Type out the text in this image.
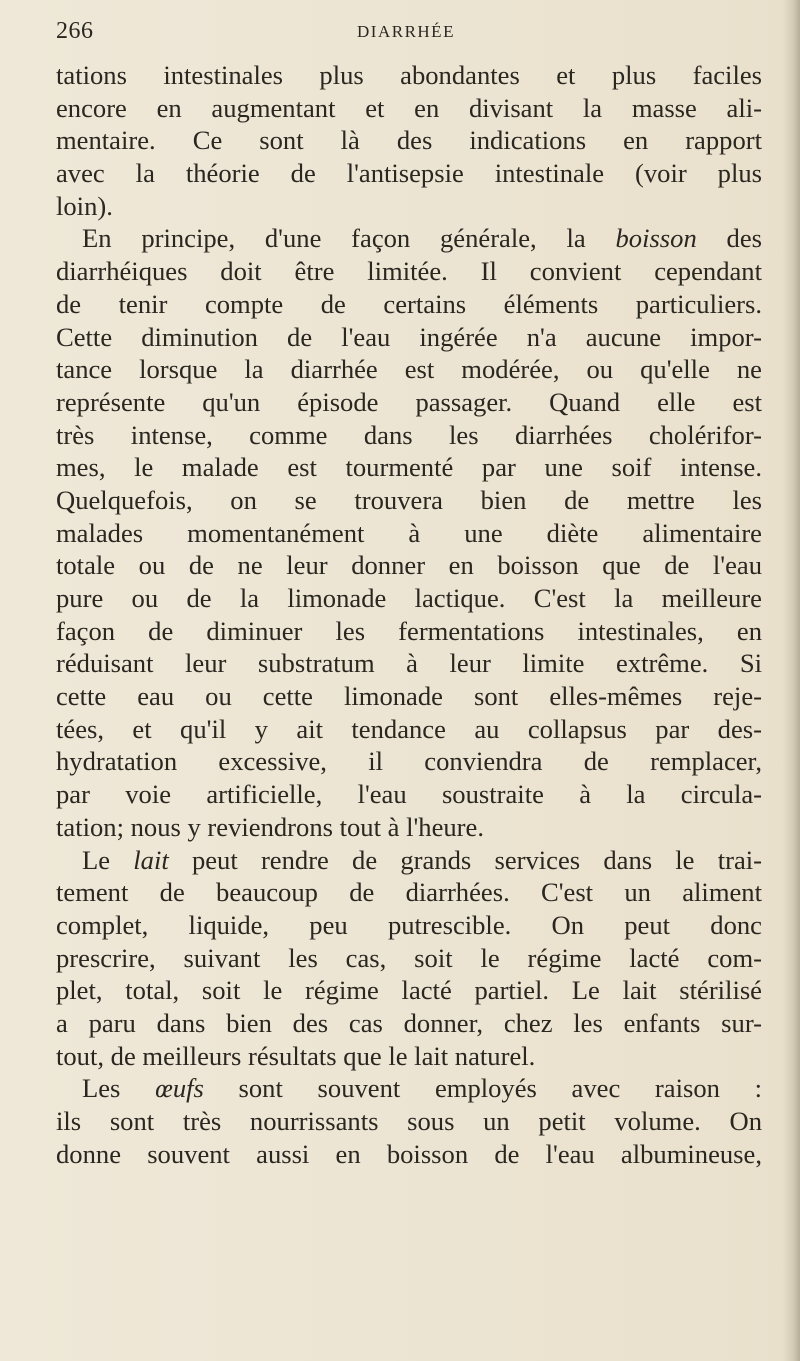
266	DIARRHÉE
tations intestinales plus abondantes et plus faciles
encore en augmentant et en divisant la masse ali-
mentaire. Ce sont là des indications en rapport
avec la théorie de l'antisepsie intestinale (voir plus
loin).
En principe, d'une façon générale, la boisson des
diarrhéiques doit être limitée. Il convient cependant
de tenir compte de certains éléments particuliers.
Cette diminution de l'eau ingérée n'a aucune impor-
tance lorsque la diarrhée est modérée, ou qu'elle ne
représente qu'un épisode passager. Quand elle est
très intense, comme dans les diarrhées cholérifor-
mes, le malade est tourmenté par une soif intense.
Quelquefois, on se trouvera bien de mettre les
malades momentanément à une diète alimentaire
totale ou de ne leur donner en boisson que de l'eau
pure ou de la limonade lactique. C'est la meilleure
façon de diminuer les fermentations intestinales, en
réduisant leur substratum à leur limite extrême. Si
cette eau ou cette limonade sont elles-mêmes reje-
tées, et qu'il y ait tendance au collapsus par des-
hydratation excessive, il conviendra de remplacer,
par voie artificielle, l'eau soustraite à la circula-
tation; nous y reviendrons tout à l'heure.
Le lait peut rendre de grands services dans le trai-
tement de beaucoup de diarrhées. C'est un aliment
complet, liquide, peu putrescible. On peut donc
prescrire, suivant les cas, soit le régime lacté com-
plet, total, soit le régime lacté partiel. Le lait stérilisé
a paru dans bien des cas donner, chez les enfants sur-
tout, de meilleurs résultats que le lait naturel.
Les œufs sont souvent employés avec raison :
ils sont très nourrissants sous un petit volume. On
donne souvent aussi en boisson de l'eau albumineuse,
